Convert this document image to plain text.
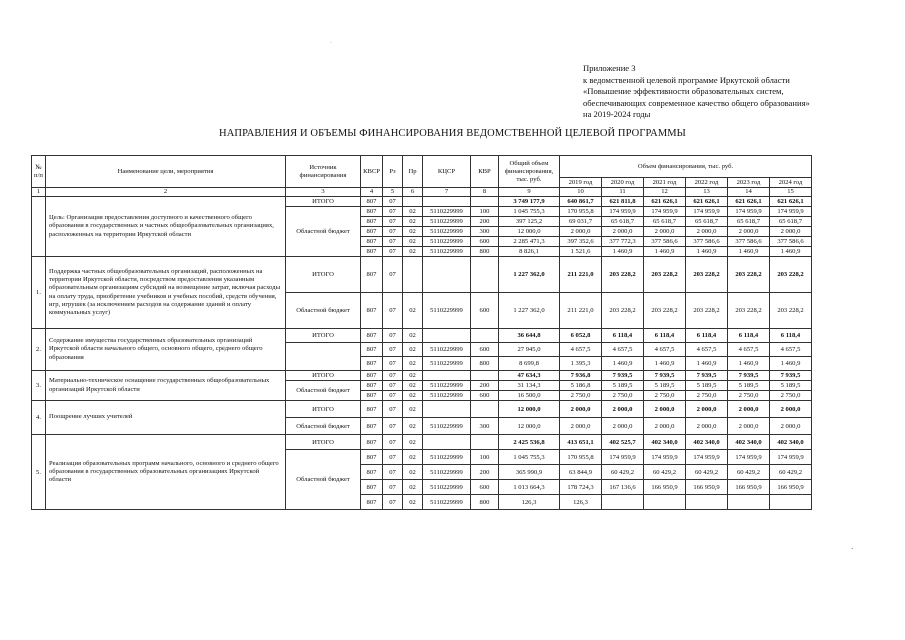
·
Приложение 3
к ведомственной целевой программе Иркутской области
«Повышение эффективности образовательных систем,
обеспечивающих современное качество общего образования»
на 2019-2024 годы
НАПРАВЛЕНИЯ И ОБЪЕМЫ ФИНАНСИРОВАНИЯ ВЕДОМСТВЕННОЙ ЦЕЛЕВОЙ ПРОГРАММЫ
№ п/п	Наименование цели, мероприятия	Источник финансирования	КВСР	Рз	Пр	КЦСР	КВР	Общий объем финансирования, тыс. руб.	Объем финансирования, тыс. руб.					
									2019 год	2020 год	2021 год	2022 год	2023 год	2024 год
1	2	3	4	5	6	7	8	9	10	11	12	13	14	15
	Цель: Организация предоставления доступного и качественного общего образования в государственных и частных общеобразовательных организациях, расположенных на территории Иркутской области	ИТОГО	807	07				3 749 177,9	640 861,7	621 811,8	621 626,1	621 626,1	621 626,1	621 626,1
		Областной бюджет	807	07	02	5110229999	100	1 045 755,3	170 955,8	174 959,9	174 959,9	174 959,9	174 959,9	174 959,9
			807	07	02	5110229999	200	397 125,2	69 031,7	65 618,7	65 618,7	65 618,7	65 618,7	65 618,7
			807	07	02	5110229999	300	12 000,0	2 000,0	2 000,0	2 000,0	2 000,0	2 000,0	2 000,0
			807	07	02	5110229999	600	2 285 471,3	397 352,6	377 772,3	377 586,6	377 586,6	377 586,6	377 586,6
			807	07	02	5110229999	800	8 826,1	1 521,6	1 460,9	1 460,9	1 460,9	1 460,9	1 460,9
1.	Поддержка частных общеобразовательных организаций, расположенных на территории Иркутской области, посредством предоставления указанным образовательным организациям субсидий на возмещение затрат, включая расходы на оплату труда, приобретение учебников и учебных пособий, средств обучения, игр, игрушек (за исключением расходов на содержание зданий и оплату коммунальных услуг)	ИТОГО	807	07				1 227 362,0	211 221,0	203 228,2	203 228,2	203 228,2	203 228,2	203 228,2
		Областной бюджет	807	07	02	5110229999	600	1 227 362,0	211 221,0	203 228,2	203 228,2	203 228,2	203 228,2	203 228,2
2.	Содержание имущества государственных образовательных организаций Иркутской области начального общего, основного общего, среднего общего образования	ИТОГО	807	07	02			36 644,8	6 052,8	6 118,4	6 118,4	6 118,4	6 118,4	6 118,4
			807	07	02	5110229999	600	27 945,0	4 657,5	4 657,5	4 657,5	4 657,5	4 657,5	4 657,5
			807	07	02	5110229999	800	8 699,8	1 395,3	1 460,9	1 460,9	1 460,9	1 460,9	1 460,9
3.	Материально-техническое оснащение государственных общеобразовательных организаций Иркутской области	ИТОГО	807	07	02			47 634,3	7 936,8	7 939,5	7 939,5	7 939,5	7 939,5	7 939,5
		Областной бюджет	807	07	02	5110229999	200	31 134,3	5 186,8	5 189,5	5 189,5	5 189,5	5 189,5	5 189,5
			807	07	02	5110229999	600	16 500,0	2 750,0	2 750,0	2 750,0	2 750,0	2 750,0	2 750,0
4.	Поощрение лучших учителей	ИТОГО	807	07	02			12 000,0	2 000,0	2 000,0	2 000,0	2 000,0	2 000,0	2 000,0
		Областной бюджет	807	07	02	5110229999	300	12 000,0	2 000,0	2 000,0	2 000,0	2 000,0	2 000,0	2 000,0
5.	Реализация образовательных программ начального, основного и среднего общего образования в государственных образовательных организациях Иркутской области	ИТОГО	807	07	02			2 425 536,8	413 651,1	402 525,7	402 340,0	402 340,0	402 340,0	402 340,0
		Областной бюджет	807	07	02	5110229999	100	1 045 755,3	170 955,8	174 959,9	174 959,9	174 959,9	174 959,9	174 959,9
			807	07	02	5110229999	200	365 990,9	63 844,9	60 429,2	60 429,2	60 429,2	60 429,2	60 429,2
			807	07	02	5110229999	600	1 013 664,3	178 724,3	167 136,6	166 950,9	166 950,9	166 950,9	166 950,9
			807	07	02	5110229999	800	126,3	126,3					
·
